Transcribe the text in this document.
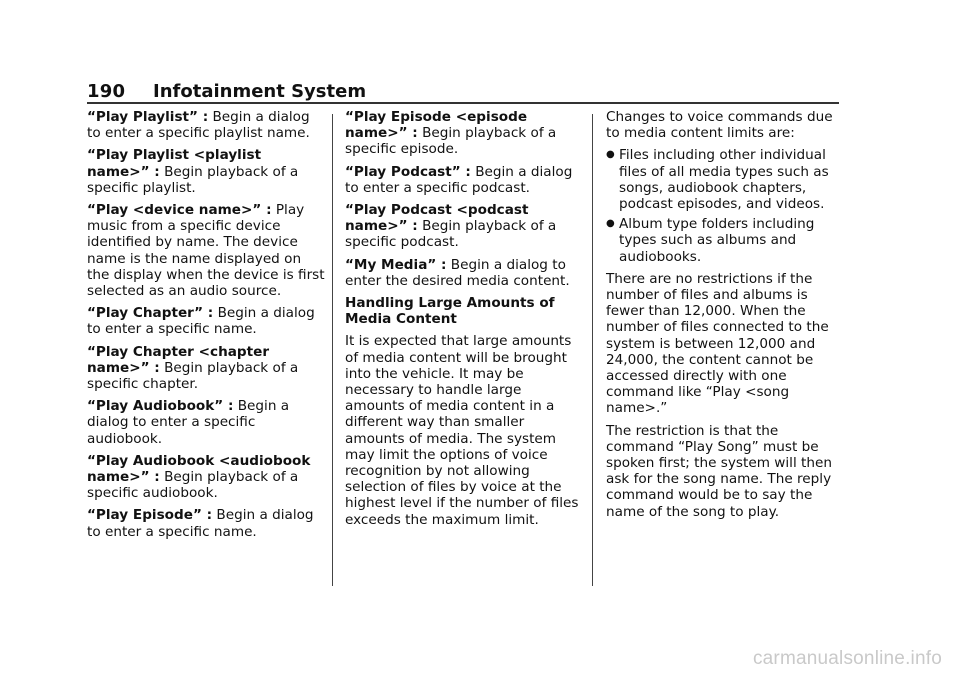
190 Infotainment System

“Play Playlist” : Begin a dialog to enter a specific playlist name.

“Play Playlist <playlist name>” : Begin playback of a specific playlist.

“Play <device name>” : Play music from a specific device identified by name. The device name is the name displayed on the display when the device is first selected as an audio source.

“Play Chapter” : Begin a dialog to enter a specific name.

“Play Chapter <chapter name>” : Begin playback of a specific chapter.

“Play Audiobook” : Begin a dialog to enter a specific audiobook.

“Play Audiobook <audiobook name>” : Begin playback of a specific audiobook.

“Play Episode” : Begin a dialog to enter a specific name.

“Play Episode <episode name>” : Begin playback of a specific episode.

“Play Podcast” : Begin a dialog to enter a specific podcast.

“Play Podcast <podcast name>” : Begin playback of a specific podcast.

“My Media” : Begin a dialog to enter the desired media content.

Handling Large Amounts of Media Content

It is expected that large amounts of media content will be brought into the vehicle. It may be necessary to handle large amounts of media content in a different way than smaller amounts of media. The system may limit the options of voice recognition by not allowing selection of files by voice at the highest level if the number of files exceeds the maximum limit.

Changes to voice commands due to media content limits are:

● Files including other individual files of all media types such as songs, audiobook chapters, podcast episodes, and videos.
● Album type folders including types such as albums and audiobooks.

There are no restrictions if the number of files and albums is fewer than 12,000. When the number of files connected to the system is between 12,000 and 24,000, the content cannot be accessed directly with one command like “Play <song name>.”

The restriction is that the command “Play Song” must be spoken first; the system will then ask for the song name. The reply command would be to say the name of the song to play.

carmanualsonline.info
